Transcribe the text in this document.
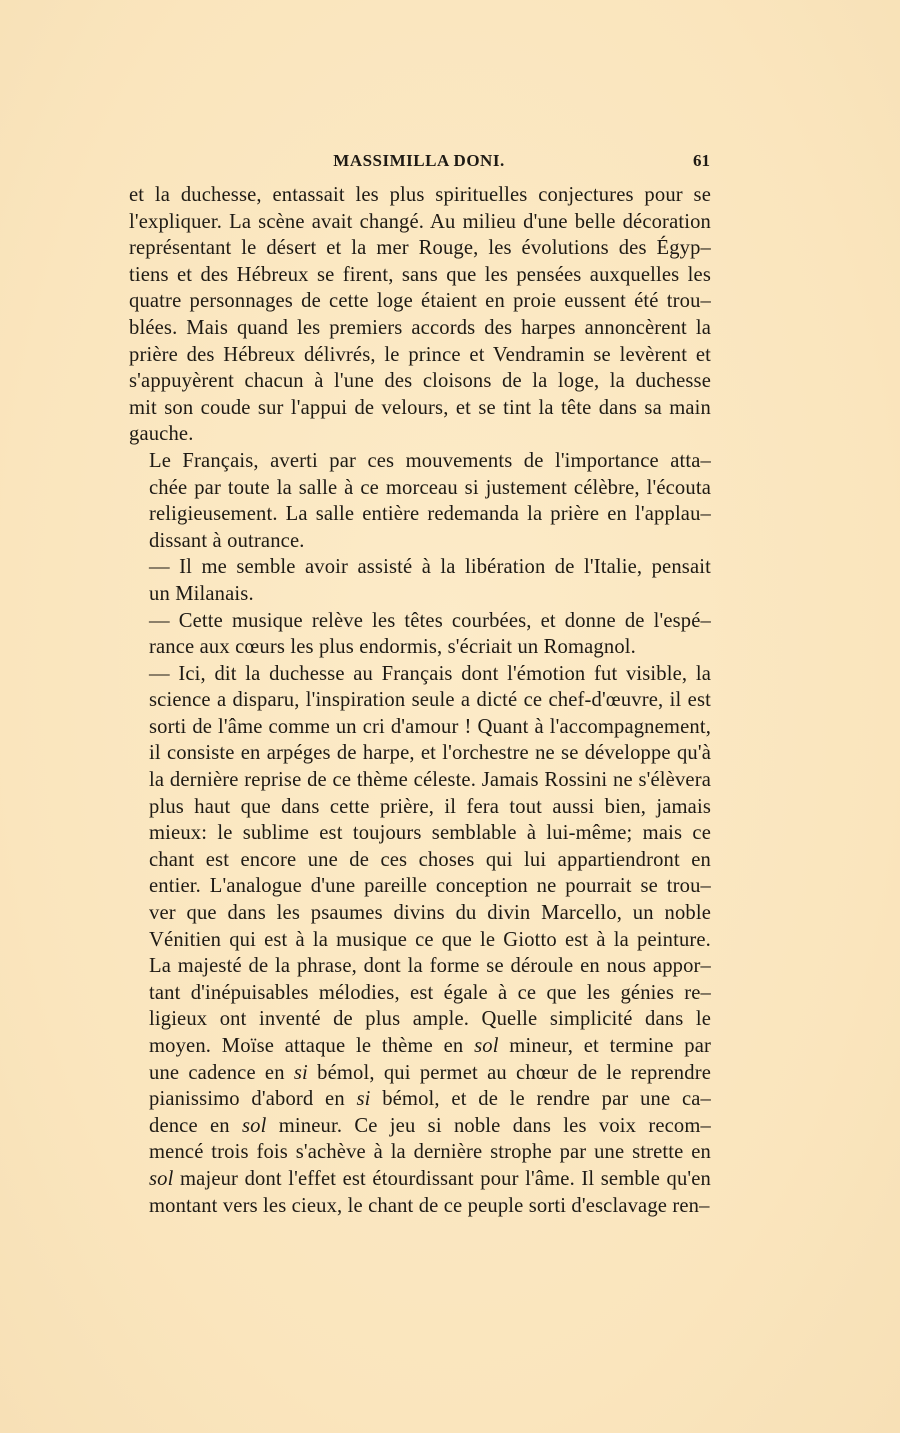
MASSIMILLA DONI.	61

et la duchesse, entassait les plus spirituelles conjectures pour se
l'expliquer. La scène avait changé. Au milieu d'une belle décoration
représentant le désert et la mer Rouge, les évolutions des Égyp–
tiens et des Hébreux se firent, sans que les pensées auxquelles les
quatre personnages de cette loge étaient en proie eussent été trou–
blées. Mais quand les premiers accords des harpes annoncèrent la
prière des Hébreux délivrés, le prince et Vendramin se levèrent et
s'appuyèrent chacun à l'une des cloisons de la loge, la duchesse
mit son coude sur l'appui de velours, et se tint la tête dans sa main
gauche.

Le Français, averti par ces mouvements de l'importance atta–
chée par toute la salle à ce morceau si justement célèbre, l'écouta
religieusement. La salle entière redemanda la prière en l'applau–
dissant à outrance.

— Il me semble avoir assisté à la libération de l'Italie, pensait
un Milanais.

— Cette musique relève les têtes courbées, et donne de l'espé–
rance aux cœurs les plus endormis, s'écriait un Romagnol.

— Ici, dit la duchesse au Français dont l'émotion fut visible, la
science a disparu, l'inspiration seule a dicté ce chef-d'œuvre, il est
sorti de l'âme comme un cri d'amour ! Quant à l'accompagnement,
il consiste en arpéges de harpe, et l'orchestre ne se développe qu'à
la dernière reprise de ce thème céleste. Jamais Rossini ne s'élèvera
plus haut que dans cette prière, il fera tout aussi bien, jamais
mieux: le sublime est toujours semblable à lui-même; mais ce
chant est encore une de ces choses qui lui appartiendront en
entier. L'analogue d'une pareille conception ne pourrait se trou–
ver que dans les psaumes divins du divin Marcello, un noble
Vénitien qui est à la musique ce que le Giotto est à la peinture.
La majesté de la phrase, dont la forme se déroule en nous appor–
tant d'inépuisables mélodies, est égale à ce que les génies re–
ligieux ont inventé de plus ample. Quelle simplicité dans le
moyen. Moïse attaque le thème en sol mineur, et termine par
une cadence en si bémol, qui permet au chœur de le reprendre
pianissimo d'abord en si bémol, et de le rendre par une ca–
dence en sol mineur. Ce jeu si noble dans les voix recom–
mencé trois fois s'achève à la dernière strophe par une strette en
sol majeur dont l'effet est étourdissant pour l'âme. Il semble qu'en
montant vers les cieux, le chant de ce peuple sorti d'esclavage ren–
